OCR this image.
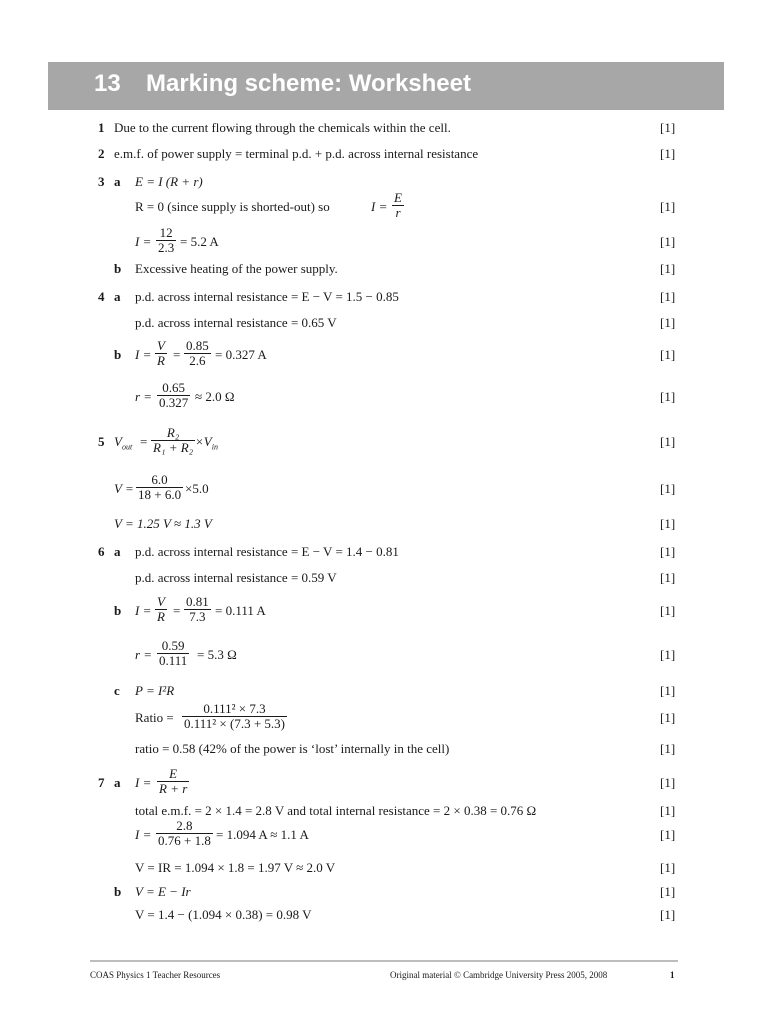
13 Marking scheme: Worksheet
1 Due to the current flowing through the chemicals within the cell.	[1]
2 e.m.f. of power supply = terminal p.d. + p.d. across internal resistance	[1]
3 a E = I (R + r)
R = 0 (since supply is shorted-out) so	$I = \frac{E}{r}$	[1]
$I = \frac{12}{2.3} = 5.2$ A	[1]
b Excessive heating of the power supply.	[1]
4 a p.d. across internal resistance = E − V = 1.5 − 0.85	[1]
p.d. across internal resistance = 0.65 V	[1]
b $I = \frac{V}{R} = \frac{0.85}{2.6} = 0.327$ A	[1]
$r = \frac{0.65}{0.327} \approx 2.0$ Ω	[1]
5 $V_{out} = \frac{\text{R₂}}{\text{R₁ + R₂}} \times V_{in}$	[1]
$V = \frac{6.0}{18 + 6.0} \times 5.0$	[1]
V = 1.25 V ≈ 1.3 V	[1]
6 a p.d. across internal resistance = E − V = 1.4 − 0.81	[1]
p.d. across internal resistance = 0.59 V	[1]
b $I = \frac{V}{R} = \frac{0.81}{7.3} = 0.111$ A	[1]
$r = \frac{0.59}{0.111} = 5.3$ Ω	[1]
c P = I²R	[1]
Ratio = $\frac{\text{0.111² × 7.3}}{\text{0.111² × (7.3 + 5.3)}}$	[1]
ratio = 0.58 (42% of the power is ‘lost’ internally in the cell)	[1]
7 a $I = \frac{E}{R + r}$	[1]
total e.m.f. = 2 × 1.4 = 2.8 V and total internal resistance = 2 × 0.38 = 0.76 Ω	[1]
$I = \frac{2.8}{0.76 + 1.8} = 1.094$ A ≈ 1.1 A	[1]
V = IR = 1.094 × 1.8 = 1.97 V ≈ 2.0 V	[1]
b V = E − Ir	[1]
V = 1.4 − (1.094 × 0.38) = 0.98 V	[1]
COAS Physics 1 Teacher Resources	Original material © Cambridge University Press 2005, 2008	1
